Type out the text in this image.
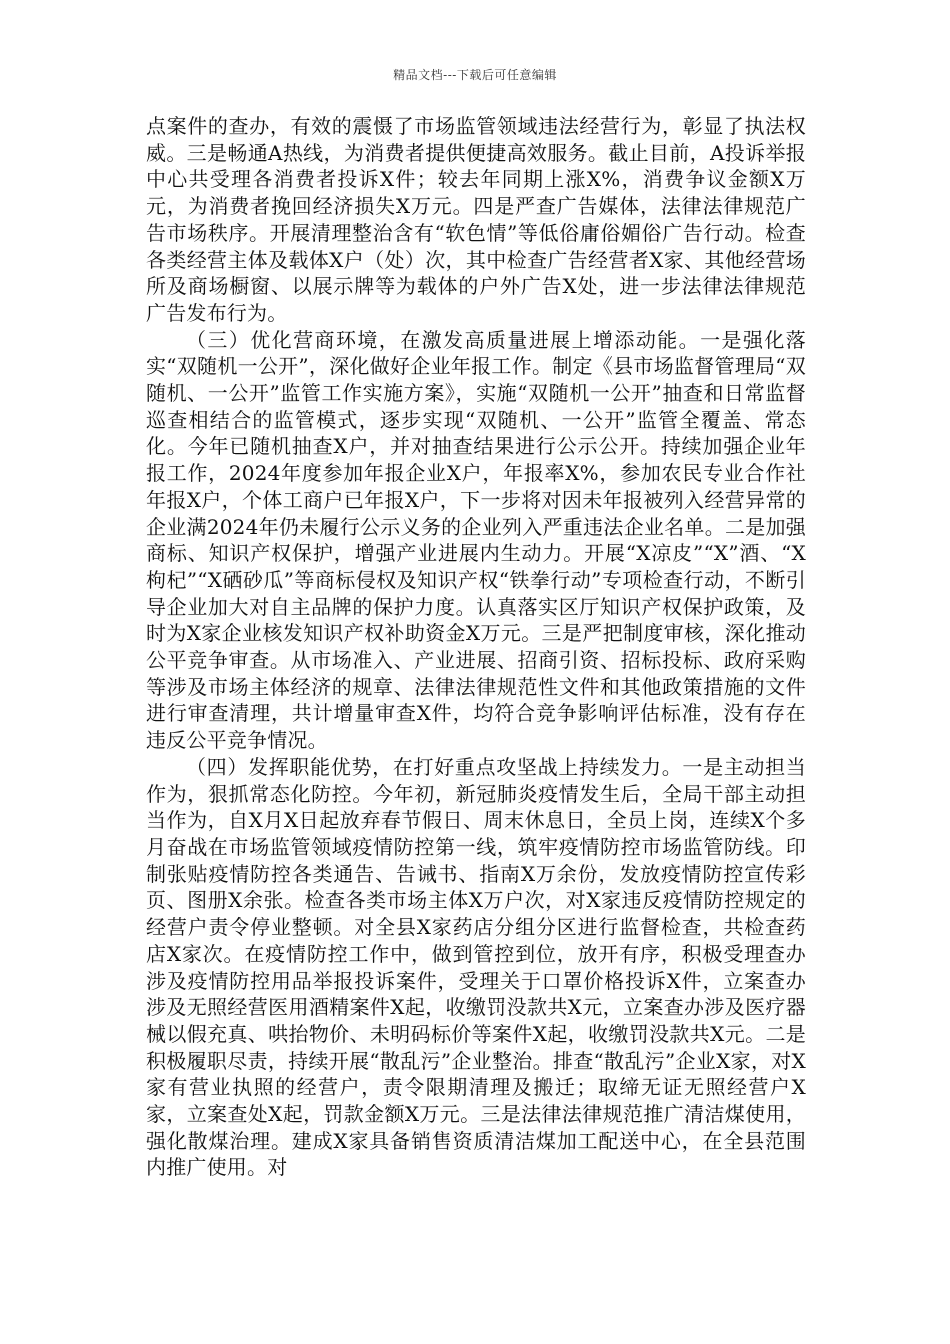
精品文档---下载后可任意编辑

点案件的查办，有效的震慑了市场监管领域违法经营行为，彰显了执法权威。三是畅通A热线，为消费者提供便捷高效服务。截止目前，A投诉举报中心共受理各消费者投诉X件；较去年同期上涨X%，消费争议金额X万元，为消费者挽回经济损失X万元。四是严查广告媒体，法律法律规范广告市场秩序。开展清理整治含有“软色情”等低俗庸俗媚俗广告行动。检查各类经营主体及载体X户（处）次，其中检查广告经营者X家、其他经营场所及商场橱窗、以展示牌等为载体的户外广告X处，进一步法律法律规范广告发布行为。

（三）优化营商环境，在激发高质量进展上增添动能。一是强化落实“双随机一公开”，深化做好企业年报工作。制定《县市场监督管理局“双随机、一公开”监管工作实施方案》，实施“双随机一公开”抽查和日常监督巡查相结合的监管模式，逐步实现“双随机、一公开”监管全覆盖、常态化。今年已随机抽查X户，并对抽查结果进行公示公开。持续加强企业年报工作，2024年度参加年报企业X户，年报率X%，参加农民专业合作社年报X户，个体工商户已年报X户，下一步将对因未年报被列入经营异常的企业满2024年仍未履行公示义务的企业列入严重违法企业名单。二是加强商标、知识产权保护，增强产业进展内生动力。开展“X凉皮”“X”酒、“X枸杞”“X硒砂瓜”等商标侵权及知识产权“铁拳行动”专项检查行动，不断引导企业加大对自主品牌的保护力度。认真落实区厅知识产权保护政策，及时为X家企业核发知识产权补助资金X万元。三是严把制度审核，深化推动公平竞争审查。从市场准入、产业进展、招商引资、招标投标、政府采购等涉及市场主体经济的规章、法律法律规范性文件和其他政策措施的文件进行审查清理，共计增量审查X件，均符合竞争影响评估标准，没有存在违反公平竞争情况。

（四）发挥职能优势，在打好重点攻坚战上持续发力。一是主动担当作为，狠抓常态化防控。今年初，新冠肺炎疫情发生后，全局干部主动担当作为，自X月X日起放弃春节假日、周末休息日，全员上岗，连续X个多月奋战在市场监管领域疫情防控第一线，筑牢疫情防控市场监管防线。印制张贴疫情防控各类通告、告诫书、指南X万余份，发放疫情防控宣传彩页、图册X余张。检查各类市场主体X万户次，对X家违反疫情防控规定的经营户责令停业整顿。对全县X家药店分组分区进行监督检查，共检查药店X家次。在疫情防控工作中，做到管控到位，放开有序，积极受理查办涉及疫情防控用品举报投诉案件，受理关于口罩价格投诉X件，立案查办涉及无照经营医用酒精案件X起，收缴罚没款共X元，立案查办涉及医疗器械以假充真、哄抬物价、未明码标价等案件X起，收缴罚没款共X元。二是积极履职尽责，持续开展“散乱污”企业整治。排查“散乱污”企业X家，对X家有营业执照的经营户，责令限期清理及搬迁；取缔无证无照经营户X家，立案查处X起，罚款金额X万元。三是法律法律规范推广清洁煤使用，强化散煤治理。建成X家具备销售资质清洁煤加工配送中心，在全县范围内推广使用。对
